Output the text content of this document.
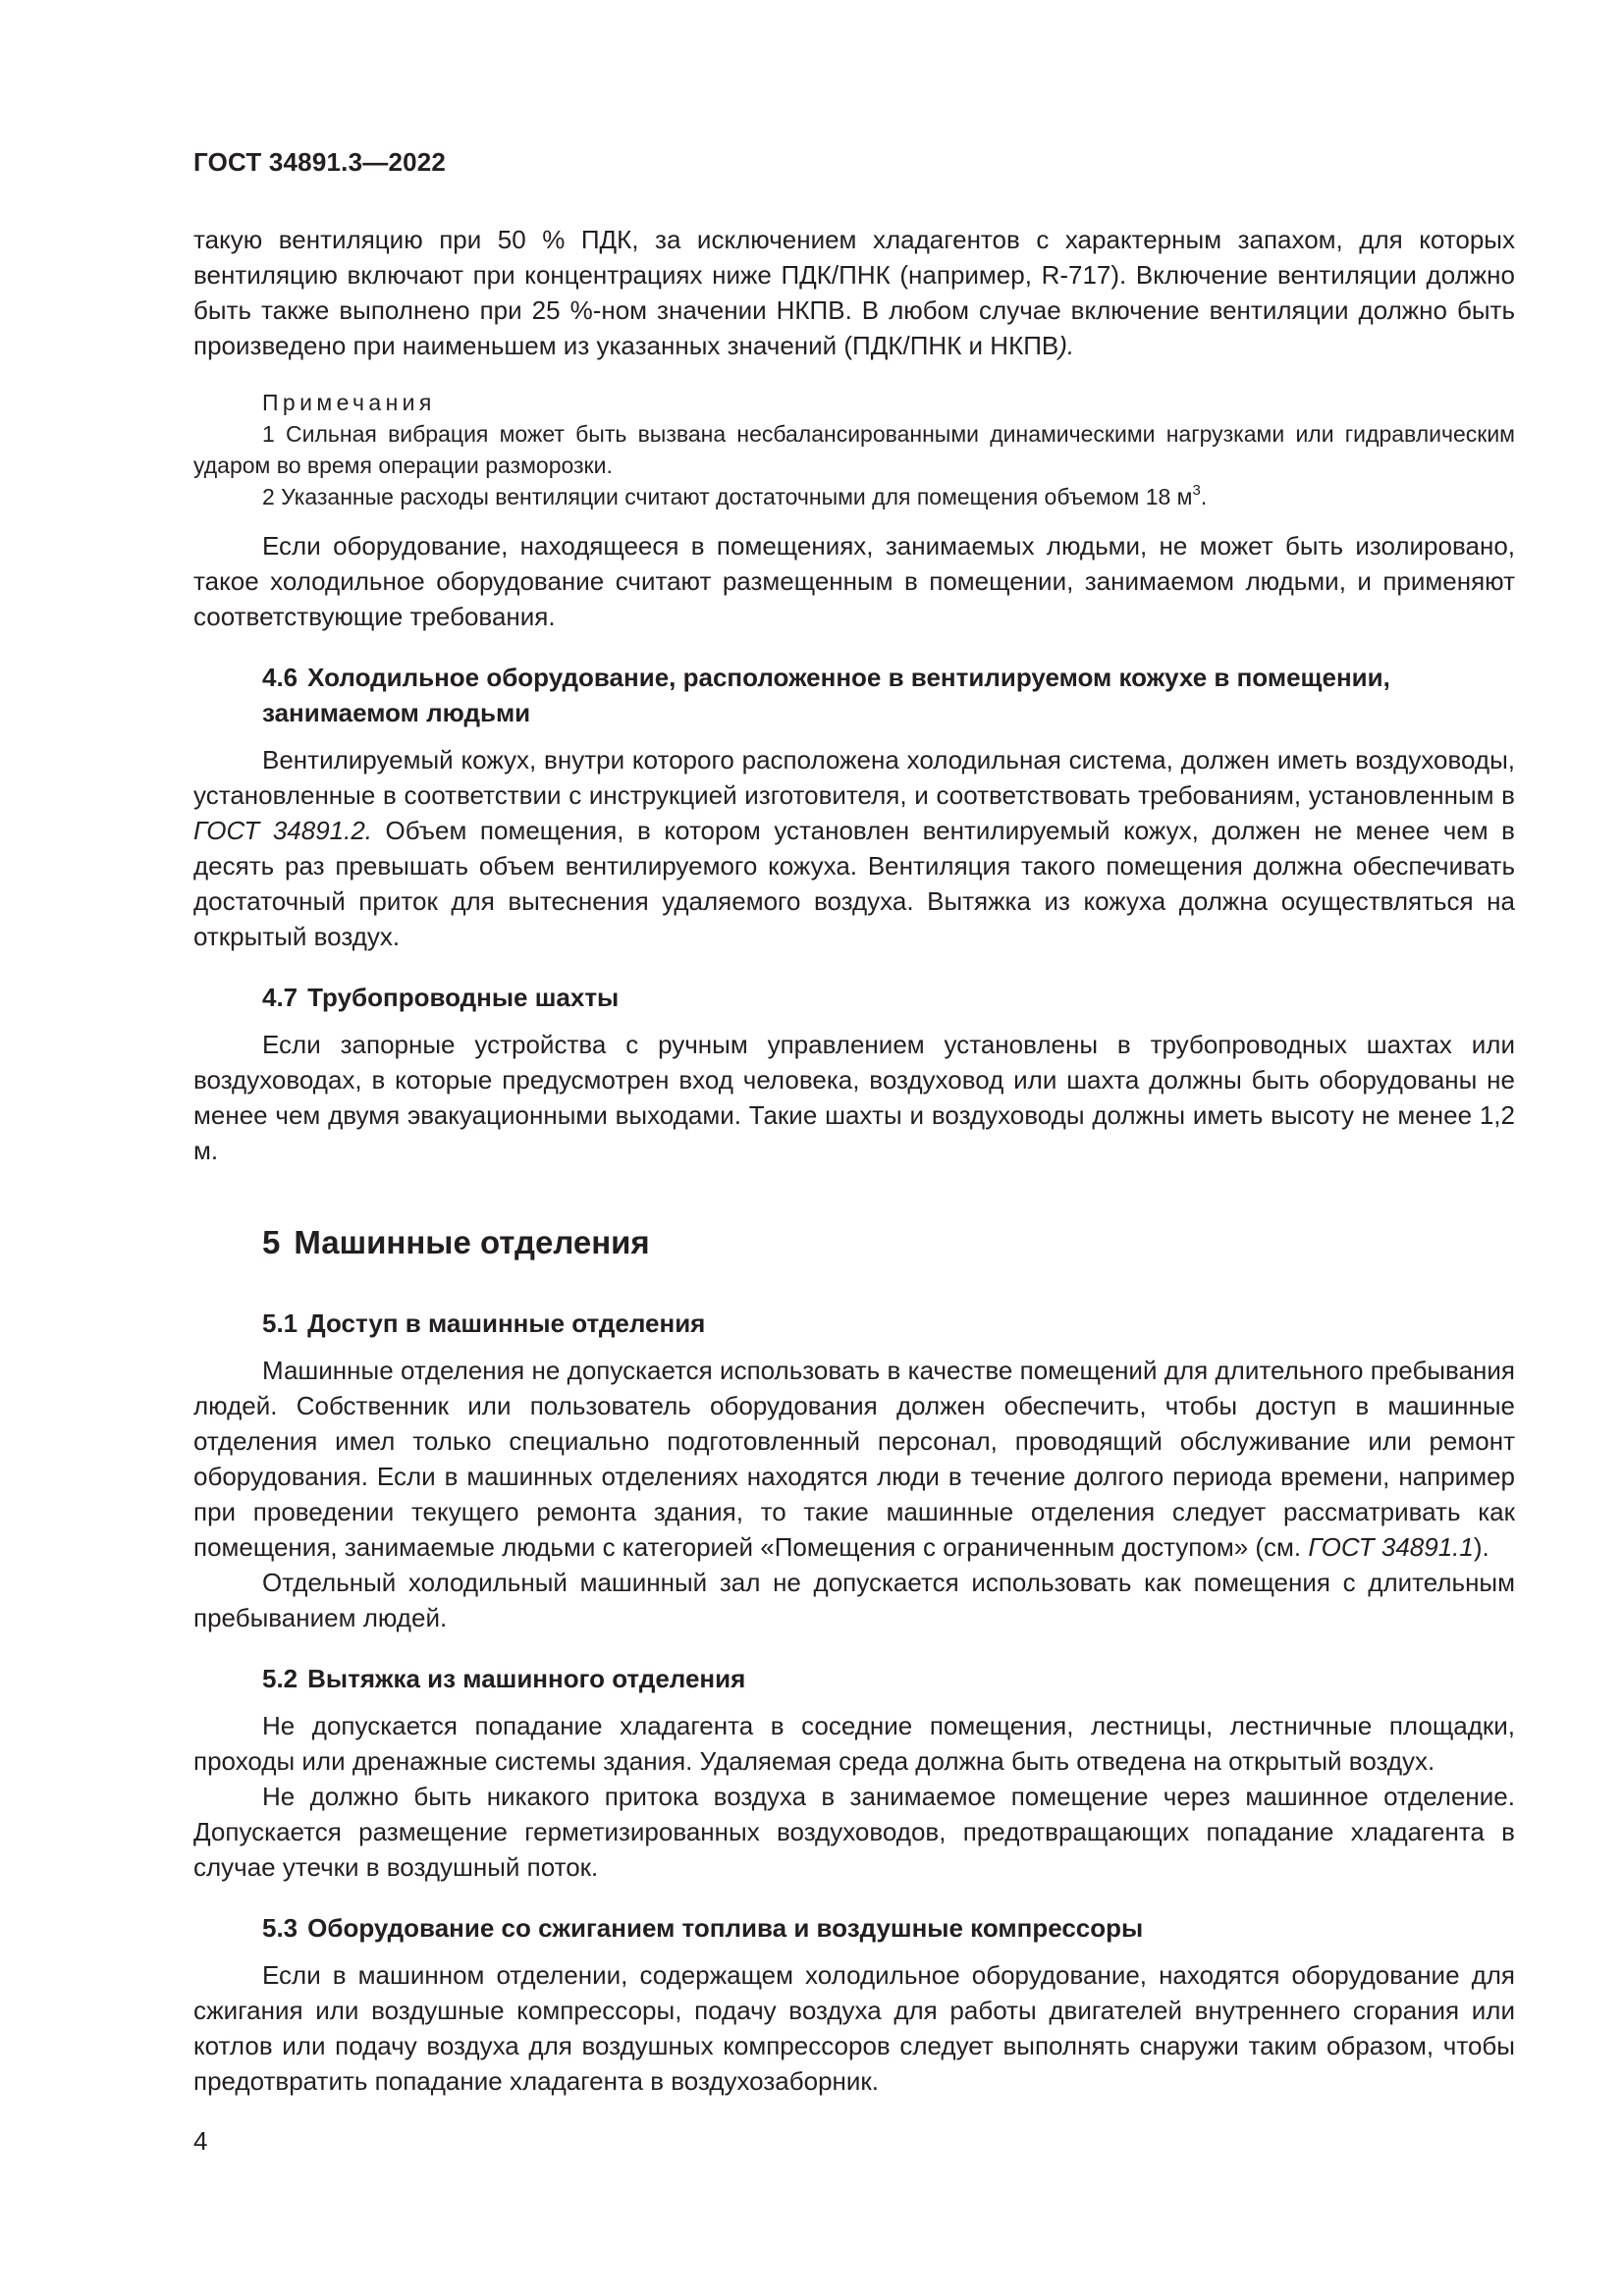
ГОСТ 34891.3—2022

такую вентиляцию при 50 % ПДК, за исключением хладагентов с характерным запахом, для которых вентиляцию включают при концентрациях ниже ПДК/ПНК (например, R-717). Включение вентиляции должно быть также выполнено при 25 %-ном значении НКПВ. В любом случае включение вентиляции должно быть произведено при наименьшем из указанных значений (ПДК/ПНК и НКПВ).

Примечания

1 Сильная вибрация может быть вызвана несбалансированными динамическими нагрузками или гидравлическим ударом во время операции разморозки.

2 Указанные расходы вентиляции считают достаточными для помещения объемом 18 $м^3$.

Если оборудование, находящееся в помещениях, занимаемых людьми, не может быть изолировано, такое холодильное оборудование считают размещенным в помещении, занимаемом людьми, и применяют соответствующие требования.

4.6 Холодильное оборудование, расположенное в вентилируемом кожухе в помещении, занимаемом людьми

Вентилируемый кожух, внутри которого расположена холодильная система, должен иметь воздуховоды, установленные в соответствии с инструкцией изготовителя, и соответствовать требованиям, установленным в ГОСТ 34891.2. Объем помещения, в котором установлен вентилируемый кожух, должен не менее чем в десять раз превышать объем вентилируемого кожуха. Вентиляция такого помещения должна обеспечивать достаточный приток для вытеснения удаляемого воздуха. Вытяжка из кожуха должна осуществляться на открытый воздух.

4.7 Трубопроводные шахты

Если запорные устройства с ручным управлением установлены в трубопроводных шахтах или воздуховодах, в которые предусмотрен вход человека, воздуховод или шахта должны быть оборудованы не менее чем двумя эвакуационными выходами. Такие шахты и воздуховоды должны иметь высоту не менее 1,2 м.

5 Машинные отделения
5.1 Доступ в машинные отделения

Машинные отделения не допускается использовать в качестве помещений для длительного пребывания людей. Собственник или пользователь оборудования должен обеспечить, чтобы доступ в машинные отделения имел только специально подготовленный персонал, проводящий обслуживание или ремонт оборудования. Если в машинных отделениях находятся люди в течение долгого периода времени, например при проведении текущего ремонта здания, то такие машинные отделения следует рассматривать как помещения, занимаемые людьми с категорией «Помещения с ограниченным доступом» (см. ГОСТ 34891.1).

Отдельный холодильный машинный зал не допускается использовать как помещения с длительным пребыванием людей.

5.2 Вытяжка из машинного отделения

Не допускается попадание хладагента в соседние помещения, лестницы, лестничные площадки, проходы или дренажные системы здания. Удаляемая среда должна быть отведена на открытый воздух.

Не должно быть никакого притока воздуха в занимаемое помещение через машинное отделение. Допускается размещение герметизированных воздуховодов, предотвращающих попадание хладагента в случае утечки в воздушный поток.

5.3 Оборудование со сжиганием топлива и воздушные компрессоры

Если в машинном отделении, содержащем холодильное оборудование, находятся оборудование для сжигания или воздушные компрессоры, подачу воздуха для работы двигателей внутреннего сгорания или котлов или подачу воздуха для воздушных компрессоров следует выполнять снаружи таким образом, чтобы предотвратить попадание хладагента в воздухозаборник.

4
